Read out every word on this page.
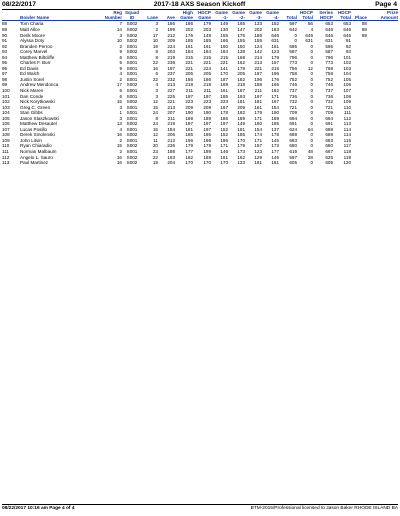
08/22/2017	2017-18 AXS Season Kickoff	Page 4
		Reg	Squad			High	HDCP	Game	Game	Game	Game		HDCP	Series	HDCP		Prize
	Bowler Name	Number	ID	Lane	Ave	Game	Game	-1-	-2-	-3-	-4-	Total	Total	HDCP	Total	Place	Amount
88	Tom Charia	7	S002	3	186	186	179	149	165	133	152	597	56	653	653	88	
89	Matt Allce	14	S002	2	199	202	203	130	147	202	163	642	4	646	646	89	
90	Derik Moore	3	S002	17	212	176	149	155	176	186	646	0	646	646	646	89	
91	Alyssa Doty	10	S002	10	209	185	185	166	155	155	631	0	631	631	91		
92	Branden Perroo	2	S001	19	224	161	161	160	150	124	161	595	0	595	92		
93	Corey Marvel	9	S002	9	203	184	184	184	138	142	123	587	0	587	93		
94	Matthew Biltcliffe	6	S001	8	219	215	215	215	168	214	179	796	0	796	101		
95	Charles F. Burr	5	S001	22	236	221	221	221	162	213	157	773	0	773	102		
96	Ed Davis	9	S001	16	197	221	224	141	179	221	215	756	12	768	103		
97	Ed Walch	4	S001	6	237	205	205	170	205	187	196	758	0	758	104		
98	Justin Sorel	2	S001	22	232	186	186	187	182	196	176	752	0	752	105		
99	Andrew Mendonca	17	S002	4	213	218	218	169	218	188	166	746	0	746	106		
100	Nick Maren	6	S001	3	227	211	211	161	187	211	182	737	0	737	107		
101	Dan Conde	6	S001	3	225	197	197	185	193	197	171	736	0	736	108		
102	Nick Korytkowski	15	S002	12	221	223	223	223	181	181	167	732	0	732	109		
103	Greg C. Green	3	S001	15	213	209	209	197	209	161	154	721	0	721	110		
104	Stan Gibbs	1	S001	24	207	190	190	178	182	179	190	709	0	709	111		
105	Jason Staszkowski	3	S001	8	211	189	189	186	189	171	189	694	0	694	112		
106	Matthew Desautel	13	S002	24	219	197	197	197	149	160	185	691	0	691	113		
107	Lucas Posillo	4	S001	15	184	181	197	152	181	154	137	624	64	688	114		
108	Derek Smolenski	16	S002	12	206	185	185	152	185	174	178	689	0	689	114		
109	John Litvin	2	S001	11	213	196	196	196	170	171	145	683	0	683	115		
110	Ryan Chiaradio	15	S002	20	236	179	179	171	179	157	173	680	0	680	117		
111	Norman Malbaum	2	S001	23	188	177	189	146	173	123	177	619	48	667	118		
112	Angelo L. Sauro	16	S002	22	193	162	169	161	162	129	146	597	28	625	119		
113	Paul Martinez	16	S002	19	204	170	170	170	133	181	181	605	0	605	120		
08/22/2017 10:16 am Page 4 of 4	BTM-2015/Professional licensed to Jason Baker RHODE ISLAND BA
